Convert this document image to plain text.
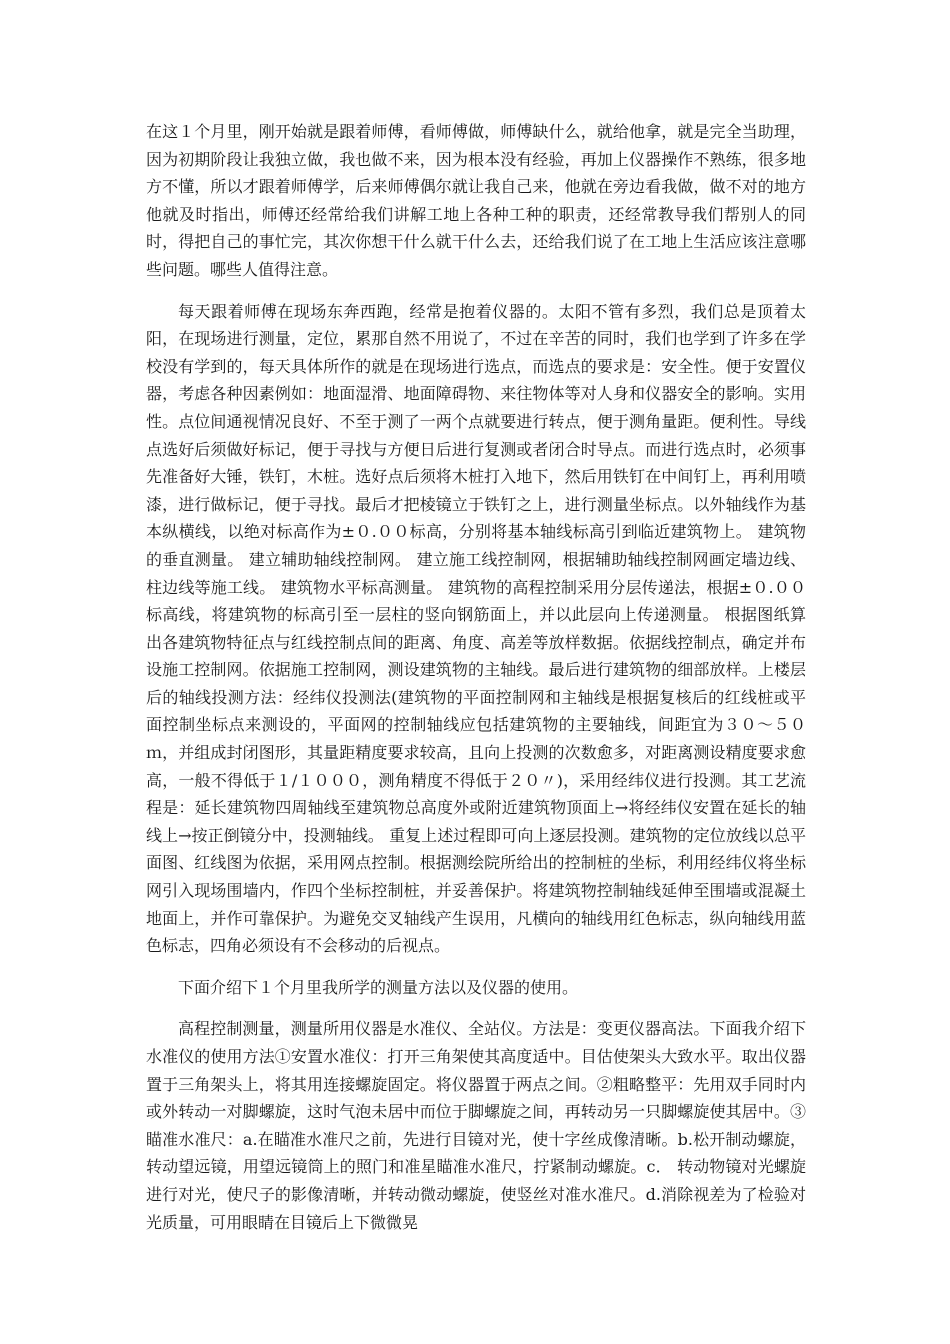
在这１个月里，刚开始就是跟着师傅，看师傅做，师傅缺什么，就给他拿，就是完全当助理，因为初期阶段让我独立做，我也做不来，因为根本没有经验，再加上仪器操作不熟练，很多地方不懂，所以才跟着师傅学，后来师傅偶尔就让我自己来，他就在旁边看我做，做不对的地方他就及时指出，师傅还经常给我们讲解工地上各种工种的职责，还经常教导我们帮别人的同时，得把自己的事忙完，其次你想干什么就干什么去，还给我们说了在工地上生活应该注意哪些问题。哪些人值得注意。

每天跟着师傅在现场东奔西跑，经常是抱着仪器的。太阳不管有多烈，我们总是顶着太阳，在现场进行测量，定位，累那自然不用说了，不过在辛苦的同时，我们也学到了许多在学校没有学到的，每天具体所作的就是在现场进行选点，而选点的要求是：安全性。便于安置仪器，考虑各种因素例如：地面湿滑、地面障碍物、来往物体等对人身和仪器安全的影响。实用性。点位间通视情况良好、不至于测了一两个点就要进行转点，便于测角量距。便利性。导线点选好后须做好标记，便于寻找与方便日后进行复测或者闭合时导点。而进行选点时，必须事先准备好大锤，铁钉，木桩。选好点后须将木桩打入地下，然后用铁钉在中间钉上，再利用喷漆，进行做标记，便于寻找。最后才把棱镜立于铁钉之上，进行测量坐标点。以外轴线作为基本纵横线，以绝对标高作为±０.００标高，分别将基本轴线标高引到临近建筑物上。 建筑物的垂直测量。 建立辅助轴线控制网。 建立施工线控制网，根据辅助轴线控制网画定墙边线、柱边线等施工线。 建筑物水平标高测量。 建筑物的高程控制采用分层传递法，根据±０.００标高线，将建筑物的标高引至一层柱的竖向钢筋面上，并以此层向上传递测量。 根据图纸算出各建筑物特征点与红线控制点间的距离、角度、高差等放样数据。依据线控制点，确定并布设施工控制网。依据施工控制网，测设建筑物的主轴线。最后进行建筑物的细部放样。上楼层后的轴线投测方法：经纬仪投测法(建筑物的平面控制网和主轴线是根据复核后的红线桩或平面控制坐标点来测设的，平面网的控制轴线应包括建筑物的主要轴线，间距宜为３０～５０ｍ，并组成封闭图形，其量距精度要求较高，且向上投测的次数愈多，对距离测设精度要求愈高，一般不得低于１/１０００，测角精度不得低于２０〃)，采用经纬仪进行投测。其工艺流程是：延长建筑物四周轴线至建筑物总高度外或附近建筑物顶面上→将经纬仪安置在延长的轴线上→按正倒镜分中，投测轴线。 重复上述过程即可向上逐层投测。建筑物的定位放线以总平面图、红线图为依据，采用网点控制。根据测绘院所给出的控制桩的坐标，利用经纬仪将坐标网引入现场围墙内，作四个坐标控制桩，并妥善保护。将建筑物控制轴线延伸至围墙或混凝土地面上，并作可靠保护。为避免交叉轴线产生误用，凡横向的轴线用红色标志，纵向轴线用蓝色标志，四角必须设有不会移动的后视点。

下面介绍下１个月里我所学的测量方法以及仪器的使用。

高程控制测量，测量所用仪器是水准仪、全站仪。方法是：变更仪器高法。下面我介绍下水准仪的使用方法①安置水准仪：打开三角架使其高度适中。目估使架头大致水平。取出仪器置于三角架头上，将其用连接螺旋固定。将仪器置于两点之间。②粗略整平：先用双手同时内或外转动一对脚螺旋，这时气泡未居中而位于脚螺旋之间，再转动另一只脚螺旋使其居中。③瞄准水准尺：a.在瞄准水准尺之前，先进行目镜对光，使十字丝成像清晰。b.松开制动螺旋，转动望远镜，用望远镜筒上的照门和准星瞄准水准尺，拧紧制动螺旋。c． 转动物镜对光螺旋进行对光，使尺子的影像清晰，并转动微动螺旋，使竖丝对准水准尺。d.消除视差为了检验对光质量，可用眼睛在目镜后上下微微晃
